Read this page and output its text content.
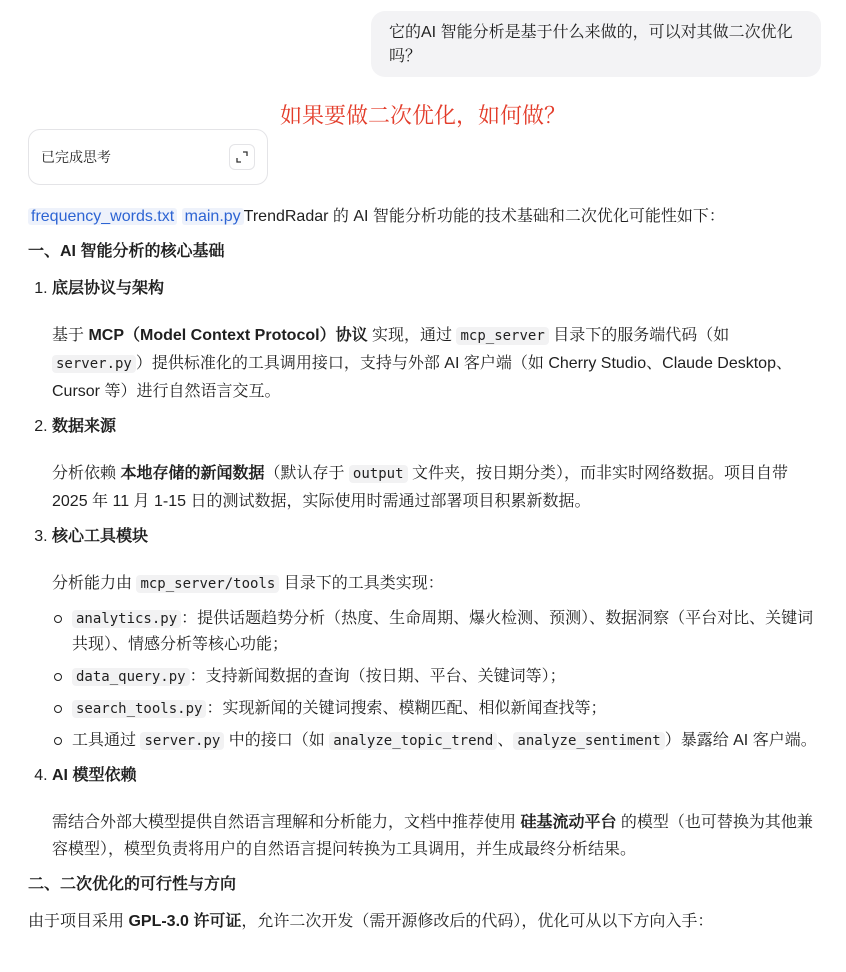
它的AI 智能分析是基于什么来做的，可以对其做二次优化吗？
如果要做二次优化，如何做？
已完成思考

frequency_words.txt main.py TrendRadar 的 AI 智能分析功能的技术基础和二次优化可能性如下：

一、AI 智能分析的核心基础
1. 底层协议与架构
基于 MCP（Model Context Protocol）协议 实现，通过 mcp_server 目录下的服务端代码（如 server.py ）提供标准化的工具调用接口，支持与外部 AI 客户端（如 Cherry Studio、Claude Desktop、Cursor 等）进行自然语言交互。
2. 数据来源
分析依赖 本地存储的新闻数据（默认存于 output 文件夹，按日期分类），而非实时网络数据。项目自带 2025 年 11 月 1-15 日的测试数据，实际使用时需通过部署项目积累新数据。
3. 核心工具模块
分析能力由 mcp_server/tools 目录下的工具类实现：
analytics.py ：提供话题趋势分析（热度、生命周期、爆火检测、预测）、数据洞察（平台对比、关键词共现）、情感分析等核心功能；
data_query.py ：支持新闻数据的查询（按日期、平台、关键词等）；
search_tools.py ：实现新闻的关键词搜索、模糊匹配、相似新闻查找等；
工具通过 server.py 中的接口（如 analyze_topic_trend 、 analyze_sentiment ）暴露给 AI 客户端。
4. AI 模型依赖
需结合外部大模型提供自然语言理解和分析能力，文档中推荐使用 硅基流动平台 的模型（也可替换为其他兼容模型），模型负责将用户的自然语言提问转换为工具调用，并生成最终分析结果。
二、二次优化的可行性与方向
由于项目采用 GPL-3.0 许可证，允许二次开发（需开源修改后的代码），优化可从以下方向入手：
